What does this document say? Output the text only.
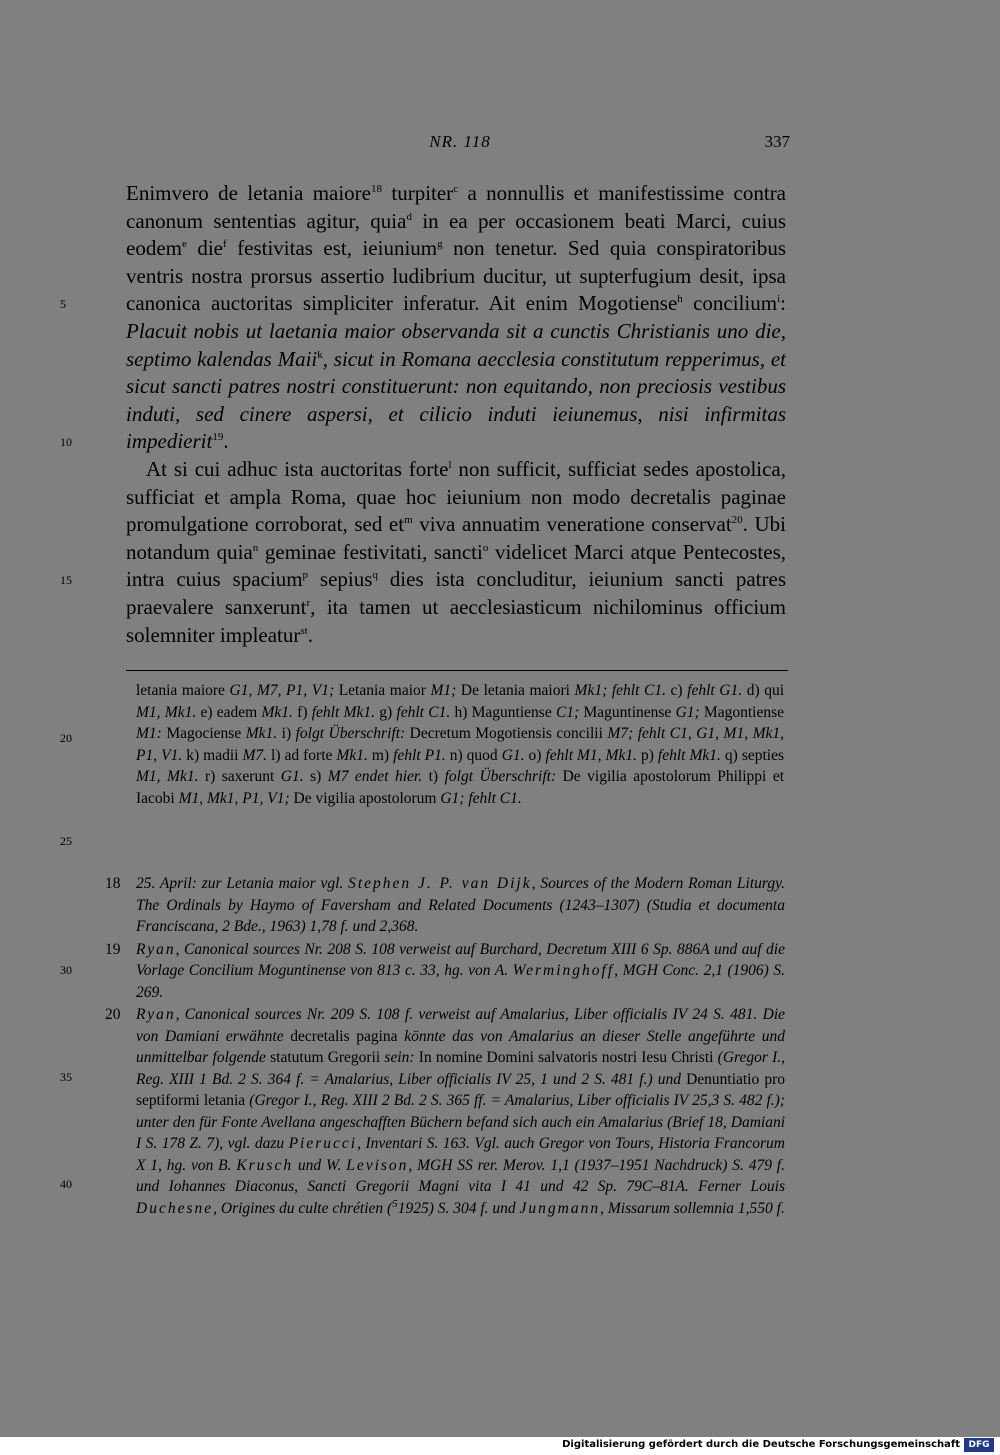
NR. 118	337
5
10
15
20
25
30
35
40

Enimvero de letania maiore$^{18}$ turpiter$^c$ a nonnullis et manifestissime contra canonum sententias agitur, quia$^d$ in ea per occasionem beati Marci, cuius eodem$^e$ die$^f$ festivitas est, ieiunium$^g$ non tenetur. Sed quia conspiratoribus ventris nostra prorsus assertio ludibrium ducitur, ut supterfugium desit, ipsa canonica auctoritas simpliciter inferatur. Ait enim Mogotiense$^h$ concilium$^i$: Placuit nobis ut laetania maior observanda sit a cunctis Christianis uno die, septimo kalendas Maii$^k$, sicut in Romana aecclesia constitutum repperimus, et sicut sancti patres nostri constituerunt: non equitando, non preciosis vestibus induti, sed cinere aspersi, et cilicio induti ieiunemus, nisi infirmitas impedierit$^{19}$.

At si cui adhuc ista auctoritas forte$^l$ non sufficit, sufficiat sedes apostolica, sufficiat et ampla Roma, quae hoc ieiunium non modo decretalis paginae promulgatione corroborat, sed $et^m$ viva annuatim veneratione conservat$^{20}$. Ubi notandum quia$^n$ geminae festivitati, sancti$^o$ videlicet Marci atque Pentecostes, intra cuius spacium$^p$ sepius$^q$ dies ista concluditur, ieiunium sancti patres praevalere sanxerunt$^r$, ita tamen ut aecclesiasticum nichilominus officium solemniter impleatur$^{st}$.

letania maiore G1, M7, P1, V1; Letania maior M1; De letania maiori Mk1; fehlt C1. c) fehlt G1. d) qui M1, Mk1. e) eadem Mk1. f) fehlt Mk1. g) fehlt C1. h) Maguntiense C1; Maguntinense G1; Magontiense M1: Magociense Mk1. i) folgt Überschrift: Decretum Mogotiensis concilii M7; fehlt C1, G1, M1, Mk1, P1, V1. k) madii M7. l) ad forte Mk1. m) fehlt P1. n) quod G1. o) fehlt M1, Mk1. p) fehlt Mk1. q) septies M1, Mk1. r) saxerunt G1. s) M7 endet hier. t) folgt Überschrift: De vigilia apostolorum Philippi et Iacobi M1, Mk1, P1, V1; De vigilia apostolorum G1; fehlt C1.

18 25. April: zur Letania maior vgl. Stephen J. P. van Dijk, Sources of the Modern Roman Liturgy. The Ordinals by Haymo of Faversham and Related Documents (1243–1307) (Studia et documenta Franciscana, 2 Bde., 1963) 1,78 f. und 2,368.

19 Ryan, Canonical sources Nr. 208 S. 108 verweist auf Burchard, Decretum XIII 6 Sp. 886A und auf die Vorlage Concilium Moguntinense von 813 c. 33, hg. von A. Werminghoff, MGH Conc. 2,1 (1906) S. 269.

20 Ryan, Canonical sources Nr. 209 S. 108 f. verweist auf Amalarius, Liber officialis IV 24 S. 481. Die von Damiani erwähnte decretalis pagina könnte das von Amalarius an dieser Stelle angeführte und unmittelbar folgende statutum Gregorii sein: In nomine Domini salvatoris nostri Iesu Christi (Gregor I., Reg. XIII 1 Bd. 2 S. 364 f. = Amalarius, Liber officialis IV 25, 1 und 2 S. 481 f.) und Denuntiatio pro septiformi letania (Gregor I., Reg. XIII 2 Bd. 2 S. 365 ff. = Amalarius, Liber officialis IV 25,3 S. 482 f.); unter den für Fonte Avellana angeschafften Büchern befand sich auch ein Amalarius (Brief 18, Damiani I S. 178 Z. 7), vgl. dazu Pierucci, Inventari S. 163. Vgl. auch Gregor von Tours, Historia Francorum X 1, hg. von B. Krusch und W. Levison, MGH SS rer. Merov. 1,1 (1937–1951 Nachdruck) S. 479 f. und Iohannes Diaconus, Sancti Gregorii Magni vita I 41 und 42 Sp. 79C–81A. Ferner Louis Duchesne, Origines du culte chrétien ($^5$1925) S. 304 f. und Jungmann, Missarum sollemnia 1,550 f.

Digitalisierung gefördert durch die Deutsche Forschungsgemeinschaft DFG
